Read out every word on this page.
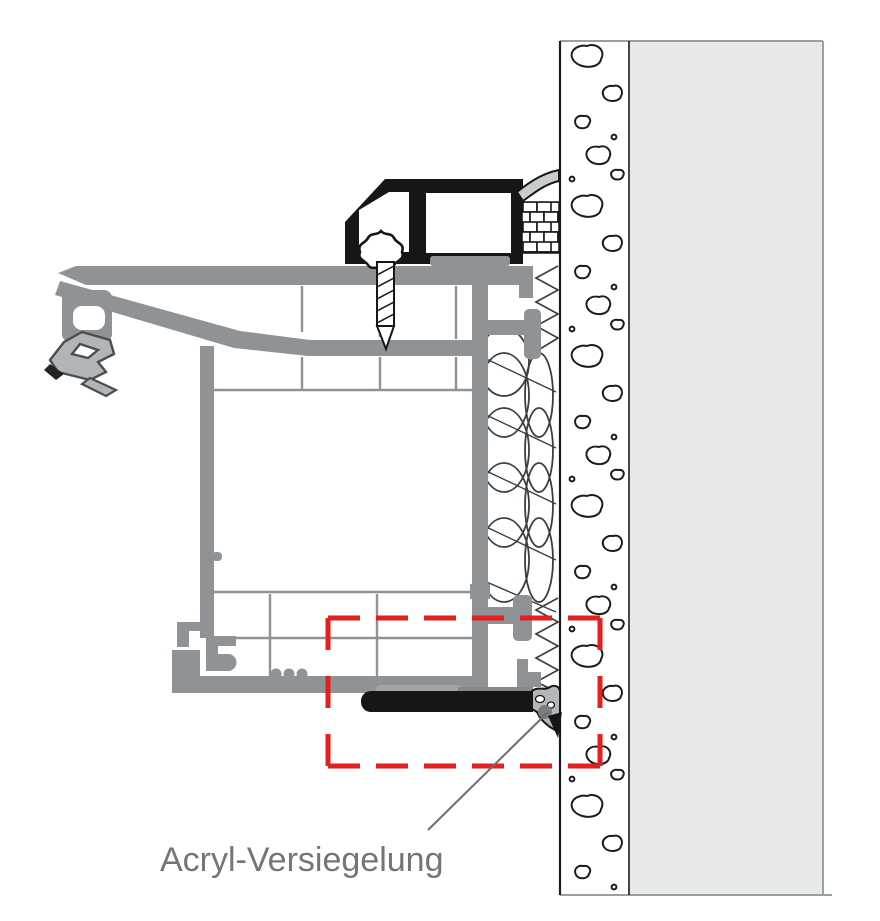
Acryl-Versiegelung
